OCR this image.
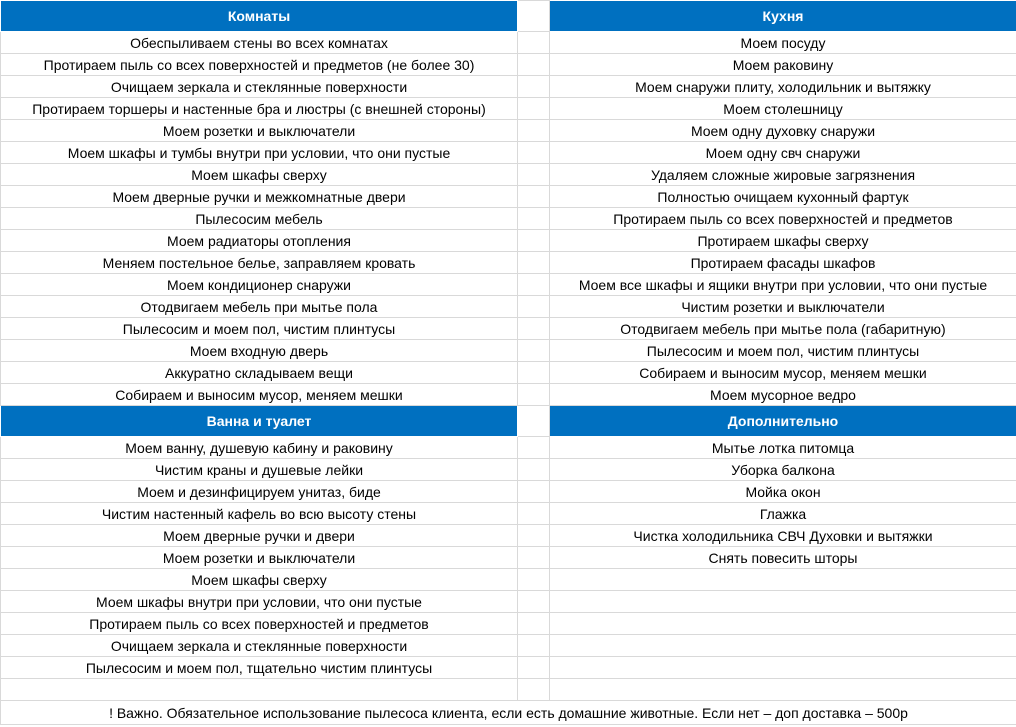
Комнаты		Кухня
Обеспыливаем стены во всех комнатах		Моем посуду
Протираем пыль со всех поверхностей и предметов (не более 30)		Моем раковину
Очищаем зеркала и стеклянные поверхности		Моем снаружи плиту, холодильник и вытяжку
Протираем торшеры и настенные бра и люстры (с внешней стороны)		Моем столешницу
Моем розетки и выключатели		Моем одну духовку снаружи
Моем шкафы и тумбы внутри при условии, что они пустые		Моем одну свч снаружи
Моем шкафы сверху		Удаляем сложные жировые загрязнения
Моем дверные ручки и межкомнатные двери		Полностью очищаем кухонный фартук
Пылесосим мебель		Протираем пыль со всех поверхностей и предметов
Моем радиаторы отопления		Протираем шкафы сверху
Меняем постельное белье, заправляем кровать		Протираем фасады шкафов
Моем кондиционер снаружи		Моем все шкафы и ящики внутри при условии, что они пустые
Отодвигаем мебель при мытье пола		Чистим розетки и выключатели
Пылесосим и моем пол, чистим плинтусы		Отодвигаем мебель при мытье пола (габаритную)
Моем входную дверь		Пылесосим и моем пол, чистим плинтусы
Аккуратно складываем вещи		Собираем и выносим мусор, меняем мешки
Собираем и выносим мусор, меняем мешки		Моем мусорное ведро
Ванна и туалет		Дополнительно
Моем ванну, душевую кабину и раковину		Мытье лотка питомца
Чистим краны и душевые лейки		Уборка балкона
Моем и дезинфицируем унитаз, биде		Мойка окон
Чистим настенный кафель во всю высоту стены		Глажка
Моем дверные ручки и двери		Чистка холодильника СВЧ Духовки и вытяжки
Моем розетки и выключатели		Снять повесить шторы
Моем шкафы сверху		
Моем шкафы внутри при условии, что они пустые		
Протираем пыль со всех поверхностей и предметов		
Очищаем зеркала и стеклянные поверхности		
Пылесосим и моем пол, тщательно чистим плинтусы		

! Важно. Обязательное использование пылесоса клиента, если есть домашние животные. Если нет – доп доставка – 500р		
